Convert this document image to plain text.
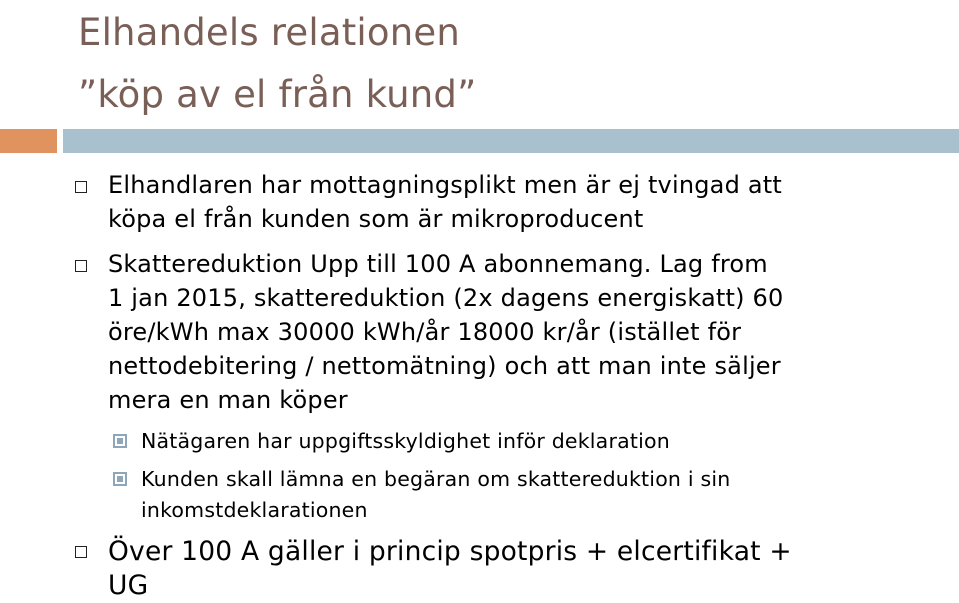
Elhandels relationen
”köp av el från kund”
Elhandlaren har mottagningsplikt men är ej tvingad att
köpa el från kunden som är mikroproducent
Skattereduktion Upp till 100 A abonnemang. Lag from
1 jan 2015, skattereduktion (2x dagens energiskatt) 60
öre/kWh max 30000 kWh/år 18000 kr/år (istället för
nettodebitering / nettomätning) och att man inte säljer
mera en man köper
Nätägaren har uppgiftsskyldighet inför deklaration
Kunden skall lämna en begäran om skattereduktion i sin
inkomstdeklarationen
Över 100 A gäller i princip spotpris + elcertifikat +
UG
